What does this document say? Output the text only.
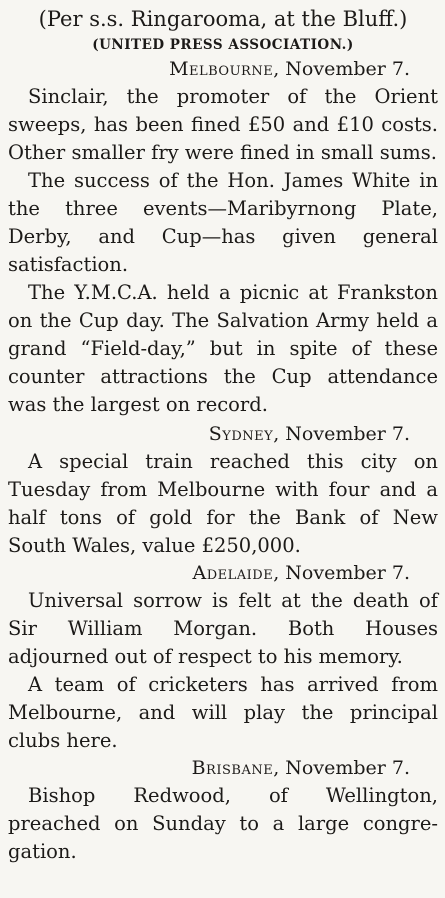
(Per s.s. Ringarooma, at the Bluff.)

(UNITED PRESS ASSOCIATION.)

Melbourne, November 7.

Sinclair, the promoter of the Orient sweeps, has been fined £50 and £10 costs. Other smaller fry were fined in small sums.

The success of the Hon. James White in the three events—Maribyrnong Plate, Derby, and Cup—has given general satisfaction.

The Y.M.C.A. held a picnic at Frankston on the Cup day. The Salvation Army held a grand “Field-day,” but in spite of these counter attractions the Cup attendance was the largest on record.

Sydney, November 7.

A special train reached this city on Tuesday from Melbourne with four and a half tons of gold for the Bank of New South Wales, value £250,000.

Adelaide, November 7.

Universal sorrow is felt at the death of Sir William Morgan. Both Houses adjourned out of respect to his memory.

A team of cricketers has arrived from Melbourne, and will play the principal clubs here.

Brisbane, November 7.

Bishop Redwood, of Wellington, preached on Sunday to a large congregation.
